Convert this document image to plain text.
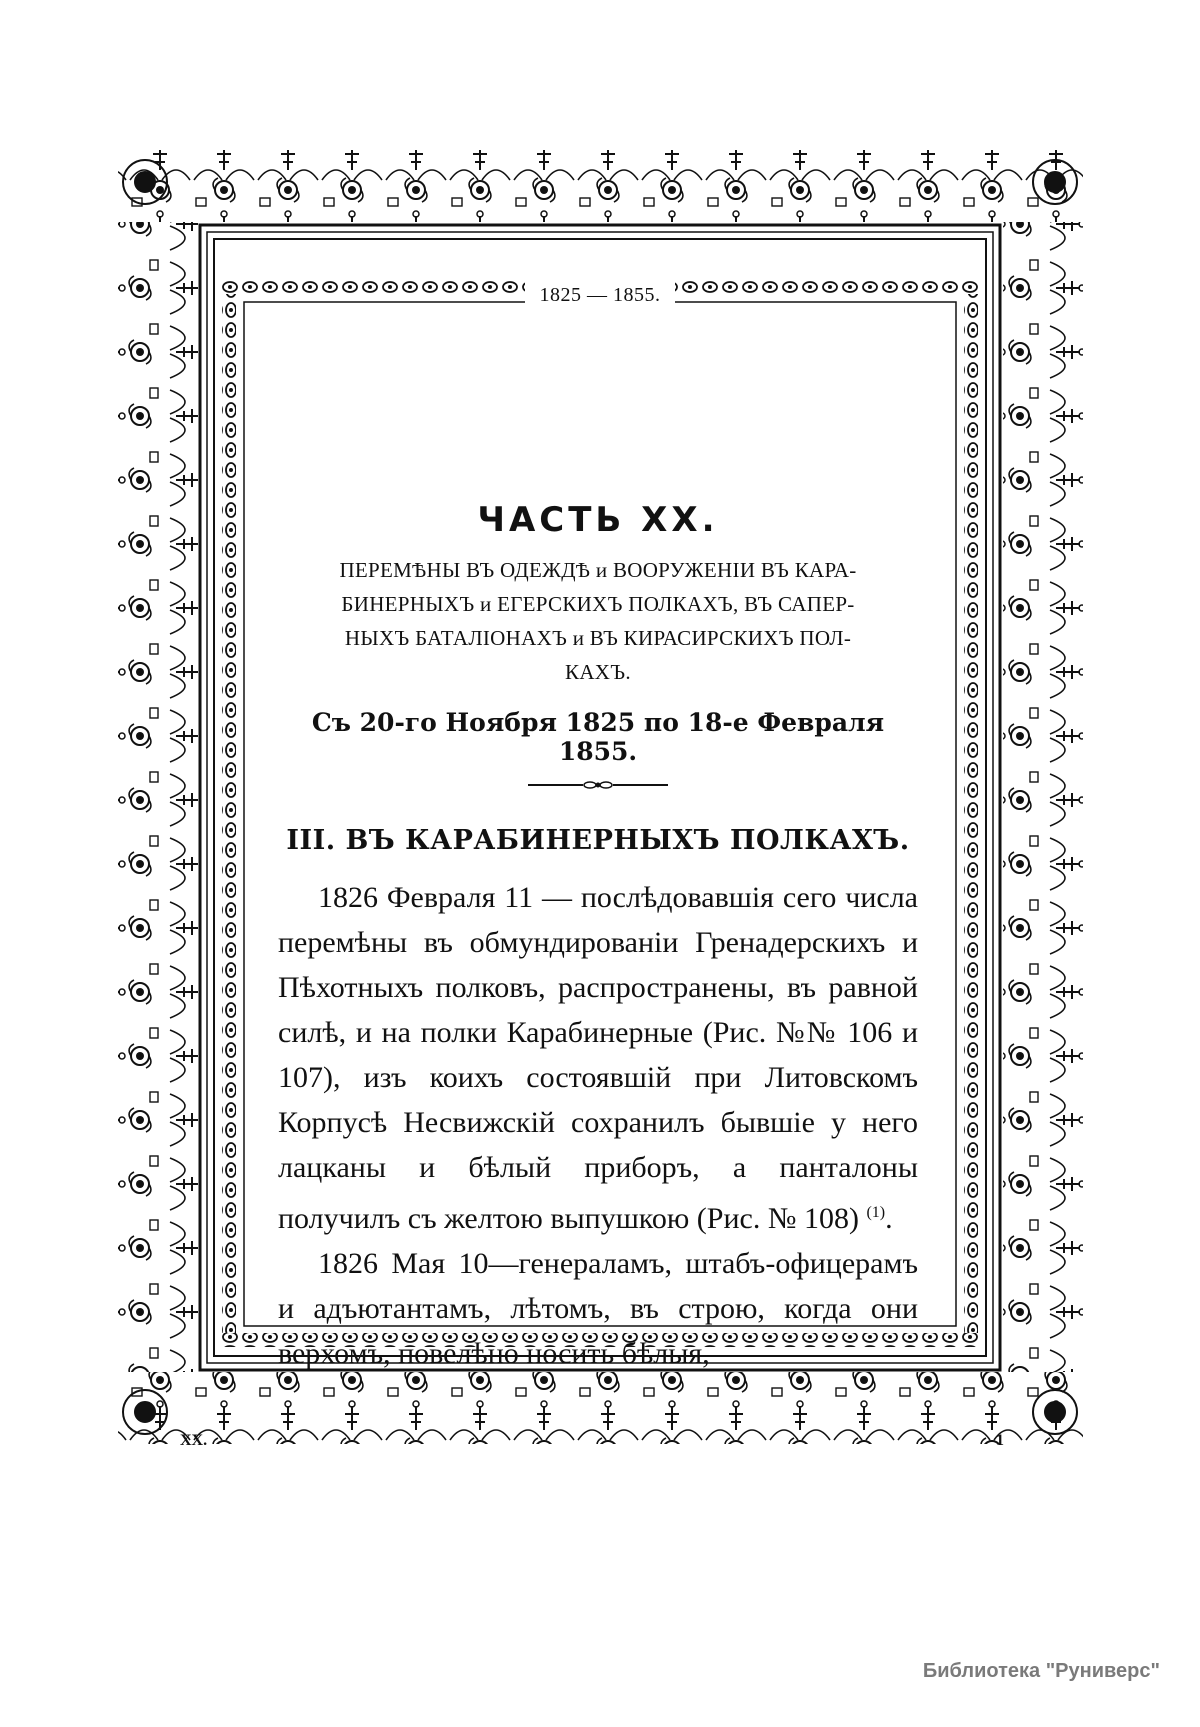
1825 — 1855.
ЧАСТЬ XX.
ПЕРЕМѢНЫ ВЪ ОДЕЖДѢ и ВООРУЖЕНІИ ВЪ КАРА-
БИНЕРНЫХЪ и ЕГЕРСКИХЪ ПОЛКАХЪ, ВЪ САПЕР-
НЫХЪ БАТАЛІОНАХЪ и ВЪ КИРАСИРСКИХЪ ПОЛ-
КАХЪ.
Съ 20-го Ноября 1825 по 18-е Февраля 1855.
III. ВЪ КАРАБИНЕРНЫХЪ ПОЛКАХЪ.

1826 Февраля 11 — послѣдовавшія сего числа перемѣны въ обмундированіи Гренадерскихъ и Пѣхотныхъ полковъ, распространены, въ равной силѣ, и на полки Карабинерные (Рис. №№ 106 и 107), изъ коихъ состоявшій при Литовскомъ Корпусѣ Несвижскій сохранилъ бывшіе у него лацканы и бѣлый приборъ, а панталоны получилъ съ желтою выпушкою (Рис. № 108) $^{(1)}$.

1826 Мая 10—генераламъ, штабъ-офицерамъ и адъютантамъ, лѣтомъ, въ строю, когда они верхомъ, повелѣно носить бѣлыя,

XX.	1
Библиотека "Руниверс"
